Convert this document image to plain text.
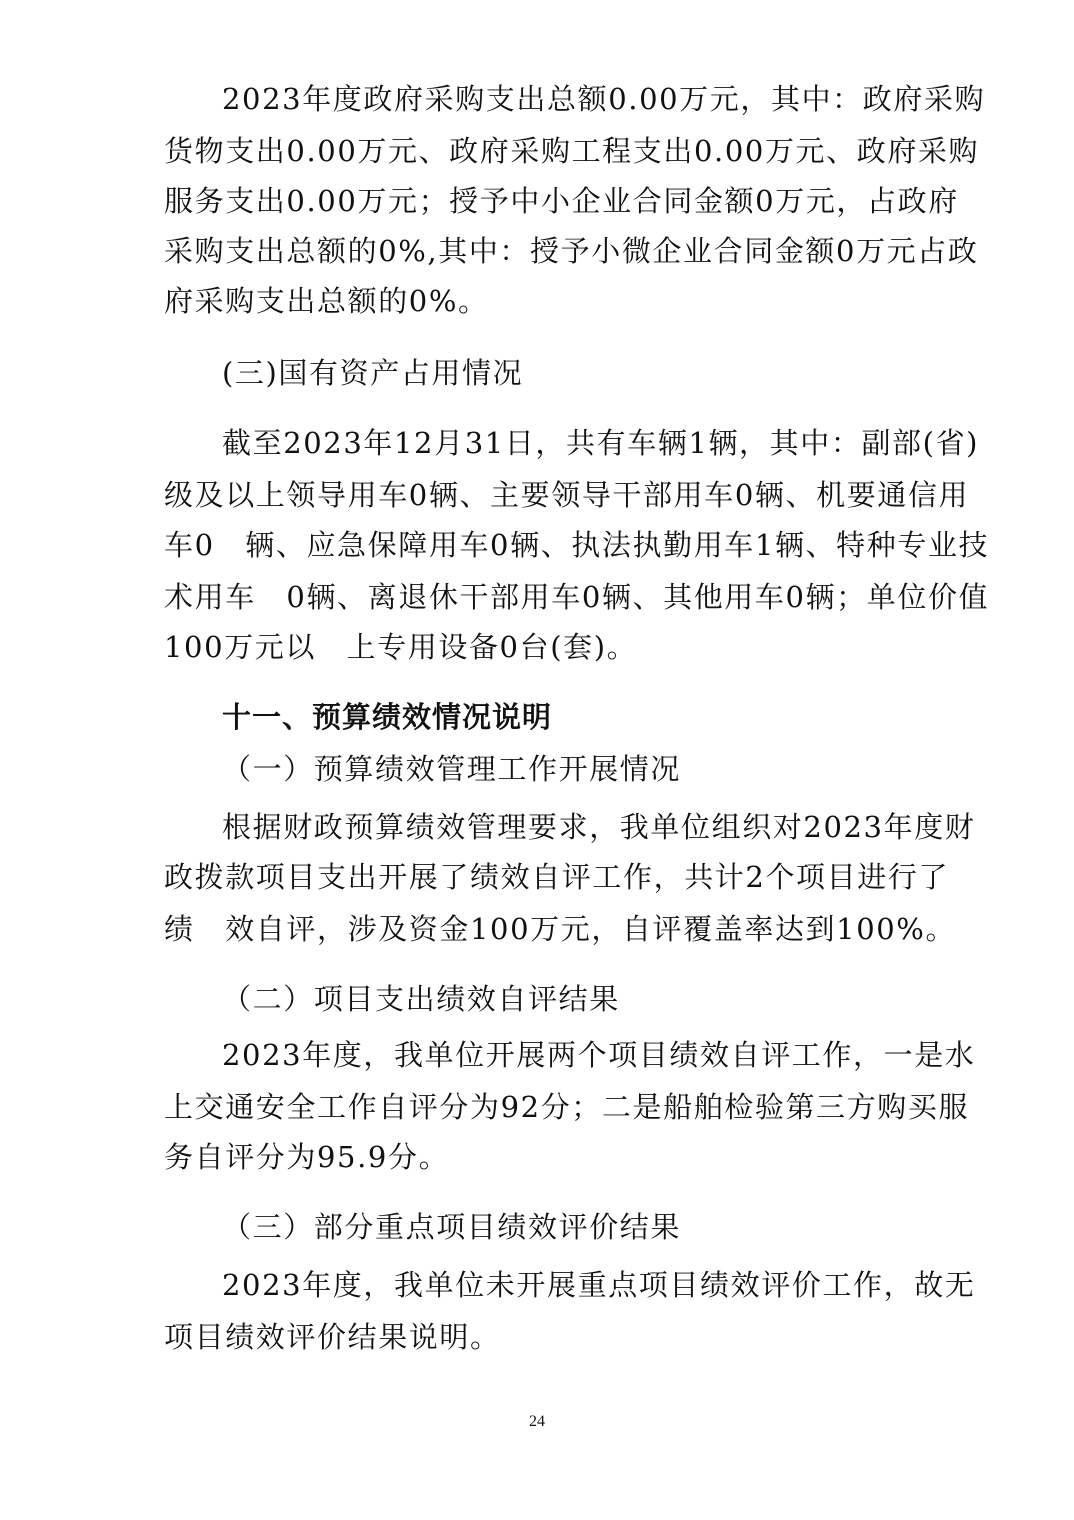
2023年度政府采购支出总额0.00万元，其中：政府采购
货物支出0.00万元、政府采购工程支出0.00万元、政府采购
服务支出0.00万元；授予中小企业合同金额0万元，占政府
采购支出总额的0%,其中：授予小微企业合同金额0万元占政
府采购支出总额的0%。
(三)国有资产占用情况
截至2023年12月31日，共有车辆1辆，其中：副部(省)
级及以上领导用车0辆、主要领导干部用车0辆、机要通信用
车0　辆、应急保障用车0辆、执法执勤用车1辆、特种专业技
术用车　0辆、离退休干部用车0辆、其他用车0辆；单位价值
100万元以　上专用设备0台(套)。
十一、预算绩效情况说明
（一）预算绩效管理工作开展情况
根据财政预算绩效管理要求，我单位组织对2023年度财
政拨款项目支出开展了绩效自评工作，共计2个项目进行了
绩　效自评，涉及资金100万元，自评覆盖率达到100%。
（二）项目支出绩效自评结果
2023年度，我单位开展两个项目绩效自评工作，一是水
上交通安全工作自评分为92分；二是船舶检验第三方购买服
务自评分为95.9分。
（三）部分重点项目绩效评价结果
2023年度，我单位未开展重点项目绩效评价工作，故无
项目绩效评价结果说明。
24
